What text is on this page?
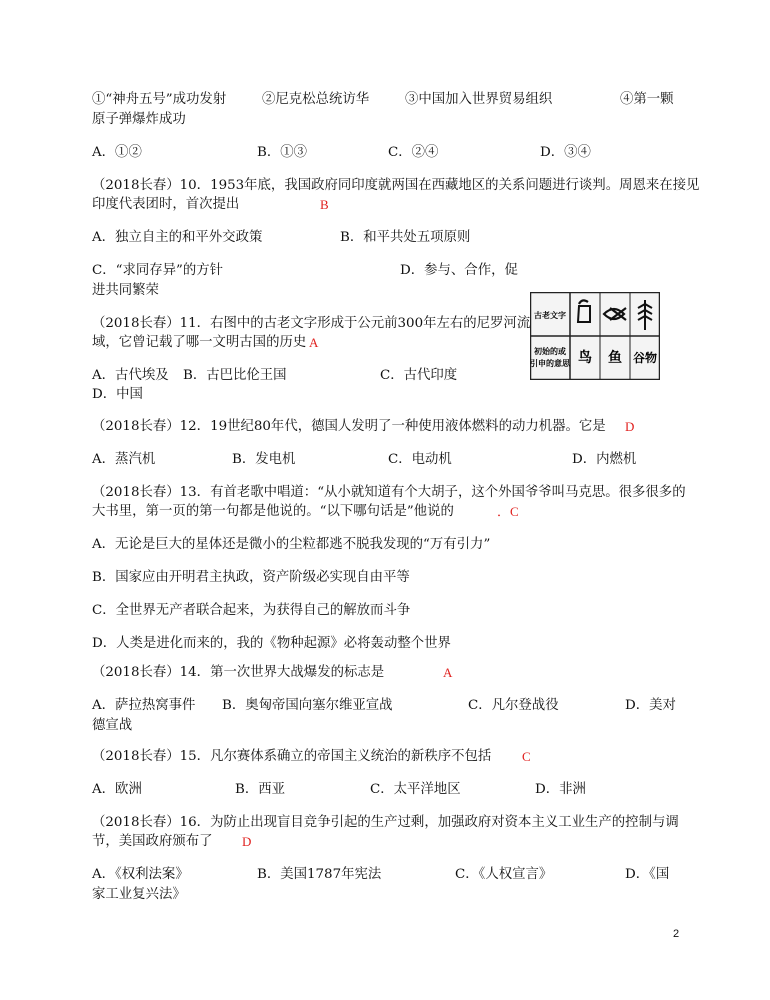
①“神舟五号”成功发射	②尼克松总统访华	③中国加入世界贸易组织	④第一颗
原子弹爆炸成功
A．①②	B．①③	C．②④	D．③④
（2018长春）10．1953年底，我国政府同印度就两国在西藏地区的关系问题进行谈判。周恩来在接见
印度代表团时，首次提出	B
A．独立自主的和平外交政策	B．和平共处五项原则
C．“求同存异”的方针	D．参与、合作，促
进共同繁荣
（2018长春）11．右图中的古老文字形成于公元前300年左右的尼罗河流
域，它曾记载了哪一文明古国的历史 A
A．古代埃及 B．古巴比伦王国	C．古代印度
D．中国
古老文字
初始的或
引申的意思 鸟 鱼 谷物
（2018长春）12．19世纪80年代，德国人发明了一种使用液体燃料的动力机器。它是 D
A．蒸汽机	B．发电机	C．电动机	D．内燃机
（2018长春）13．有首老歌中唱道：“从小就知道有个大胡子，这个外国爷爷叫马克思。很多很多的
大书里，第一页的第一句都是他说的。“以下哪句话是”他说的	．C
A．无论是巨大的星体还是微小的尘粒都逃不脱我发现的“万有引力”
B．国家应由开明君主执政，资产阶级必实现自由平等
C．全世界无产者联合起来，为获得自己的解放而斗争
D．人类是进化而来的，我的《物种起源》必将轰动整个世界
（2018长春）14．第一次世界大战爆发的标志是	A
A．萨拉热窝事件 B．奥匈帝国向塞尔维亚宣战	C．凡尔登战役	D．美对
德宣战
（2018长春）15．凡尔赛体系确立的帝国主义统治的新秩序不包括 C
A．欧洲	B．西亚	C．太平洋地区	D．非洲
（2018长春）16．为防止出现盲目竞争引起的生产过剩，加强政府对资本主义工业生产的控制与调
节，美国政府颁布了 D
A．《权利法案》	B．美国1787年宪法	C．《人权宣言》	D．《国
家工业复兴法》
2
